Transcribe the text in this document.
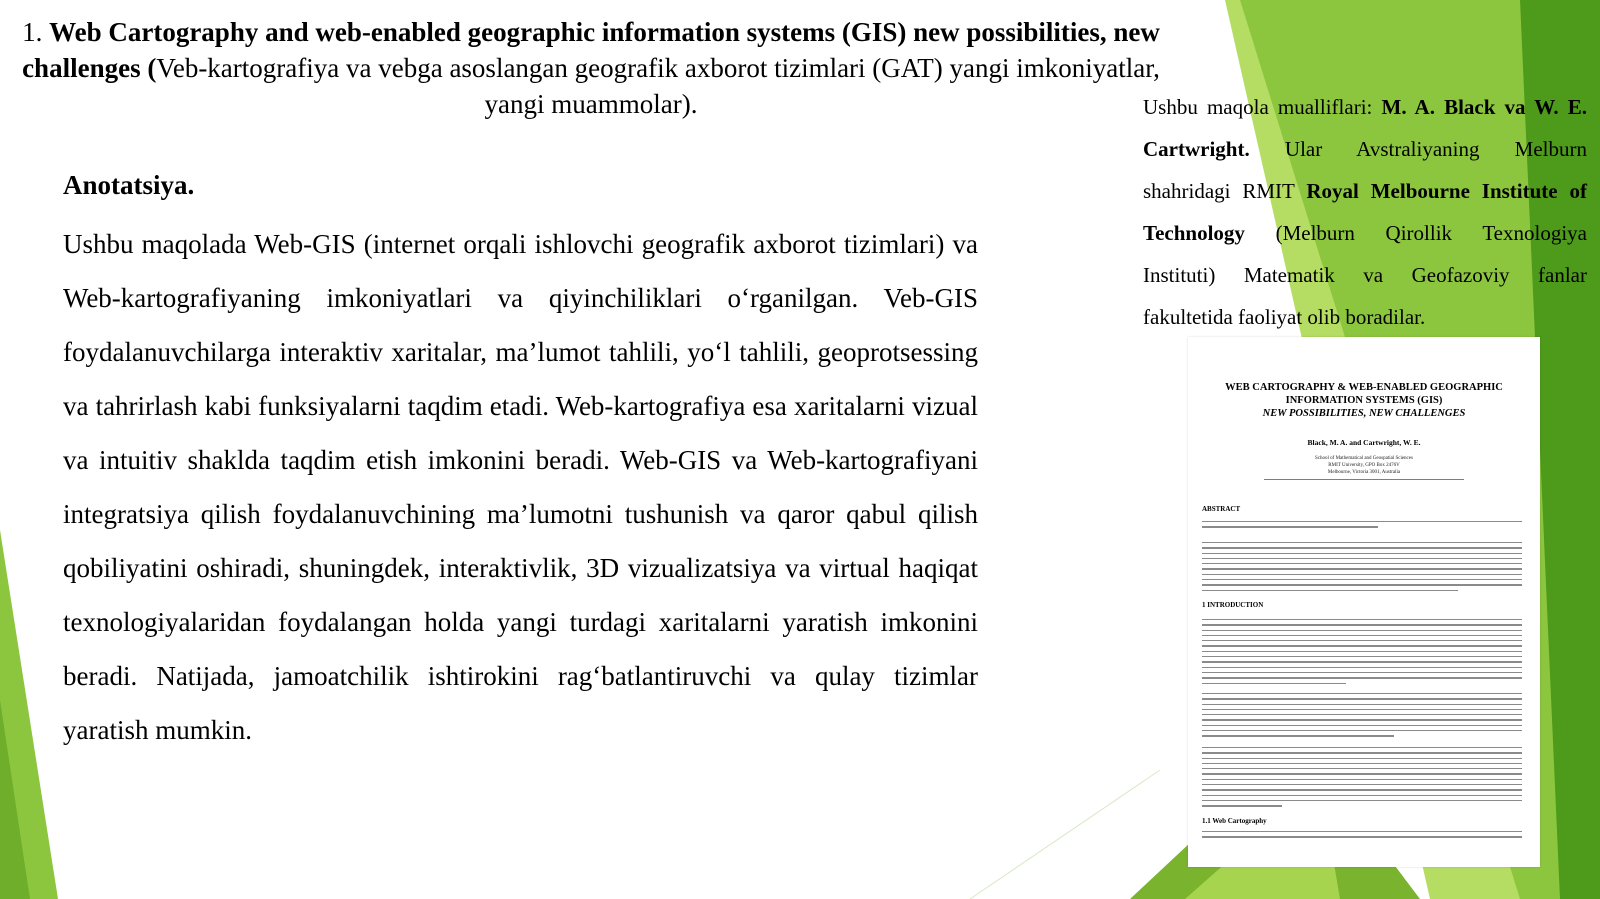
1. Web Cartography and web-enabled geographic information systems (GIS) new possibilities, new challenges (Veb-kartografiya va vebga asoslangan geografik axborot tizimlari (GAT) yangi imkoniyatlar, yangi muammolar).
Anotatsiya.
Ushbu maqolada Web-GIS (internet orqali ishlovchi geografik axborot tizimlari) va Web-kartografiyaning imkoniyatlari va qiyinchiliklari o‘rganilgan. Veb-GIS foydalanuvchilarga interaktiv xaritalar, ma’lumot tahlili, yo‘l tahlili, geoprotsessing va tahrirlash kabi funksiyalarni taqdim etadi. Web-kartografiya esa xaritalarni vizual va intuitiv shaklda taqdim etish imkonini beradi. Web-GIS va Web-kartografiyani integratsiya qilish foydalanuvchining ma’lumotni tushunish va qaror qabul qilish qobiliyatini oshiradi, shuningdek, interaktivlik, 3D vizualizatsiya va virtual haqiqat texnologiyalaridan foydalangan holda yangi turdagi xaritalarni yaratish imkonini beradi. Natijada, jamoatchilik ishtirokini rag‘batlantiruvchi va qulay tizimlar yaratish mumkin.
Ushbu maqola mualliflari: M. A. Black va W. E. Cartwright. Ular Avstraliyaning Melburn shahridagi RMIT Royal Melbourne Institute of Technology (Melburn Qirollik Texnologiya Instituti) Matematik va Geofazoviy fanlar fakultetida faoliyat olib boradilar.
WEB CARTOGRAPHY & WEB-ENABLED GEOGRAPHIC
INFORMATION SYSTEMS (GIS)
NEW POSSIBILITIES, NEW CHALLENGES
Black, M. A. and Cartwright, W. E.
School of Mathematical and Geospatial Sciences
RMIT University, GPO Box 2476V
Melbourne, Victoria 3001, Australia
ABSTRACT
1 INTRODUCTION
1.1 Web Cartography
